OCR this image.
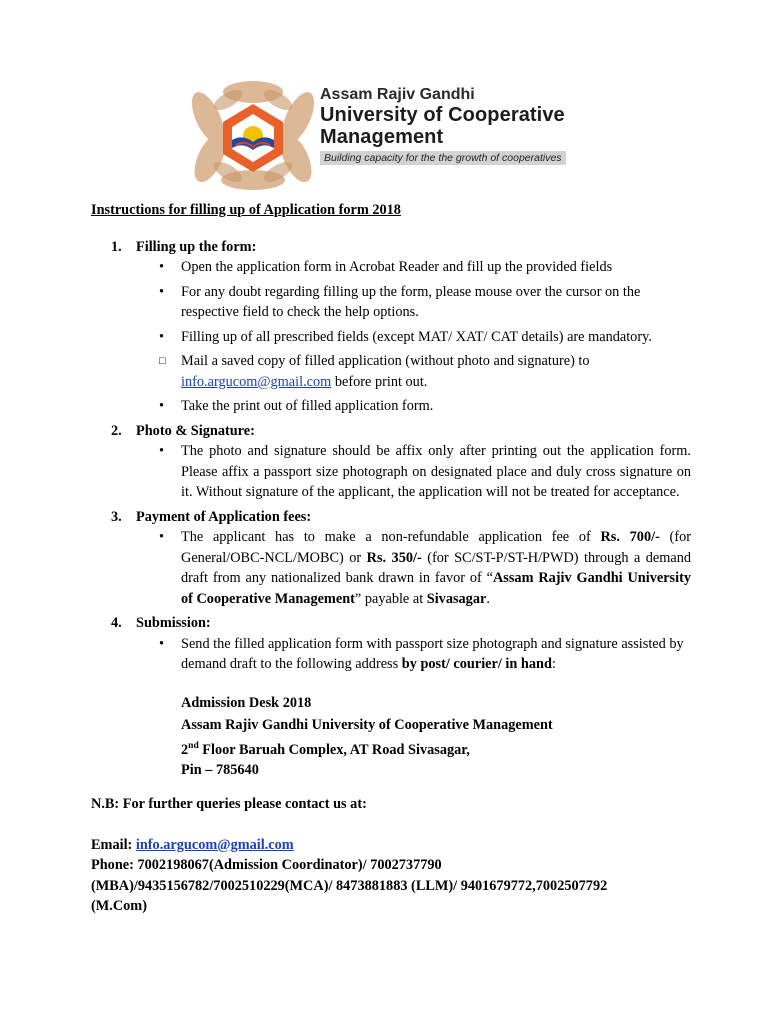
Assam Rajiv Gandhi
University of Cooperative
Management
Building capacity for the the growth of cooperatives
Instructions for filling up of Application form 2018
1. Filling up the form:
• Open the application form in Acrobat Reader and fill up the provided fields
• For any doubt regarding filling up the form, please mouse over the cursor on the respective field to check the help options.
• Filling up of all prescribed fields (except MAT/ XAT/ CAT details) are mandatory.
□ Mail a saved copy of filled application (without photo and signature) to info.argucom@gmail.com before print out.
• Take the print out of filled application form.
2. Photo & Signature:
• The photo and signature should be affix only after printing out the application form. Please affix a passport size photograph on designated place and duly cross signature on it. Without signature of the applicant, the application will not be treated for acceptance.
3. Payment of Application fees:
• The applicant has to make a non-refundable application fee of Rs. 700/- (for General/OBC-NCL/MOBC) or Rs. 350/- (for SC/ST-P/ST-H/PWD) through a demand draft from any nationalized bank drawn in favor of “Assam Rajiv Gandhi University of Cooperative Management” payable at Sivasagar.
4. Submission:
• Send the filled application form with passport size photograph and signature assisted by demand draft to the following address by post/ courier/ in hand:
Admission Desk 2018
Assam Rajiv Gandhi University of Cooperative Management
2nd Floor Baruah Complex, AT Road Sivasagar,
Pin – 785640
N.B: For further queries please contact us at:
Email: info.argucom@gmail.com
Phone: 7002198067(Admission Coordinator)/ 7002737790
(MBA)/9435156782/7002510229(MCA)/ 8473881883 (LLM)/ 9401679772,7002507792
(M.Com)
